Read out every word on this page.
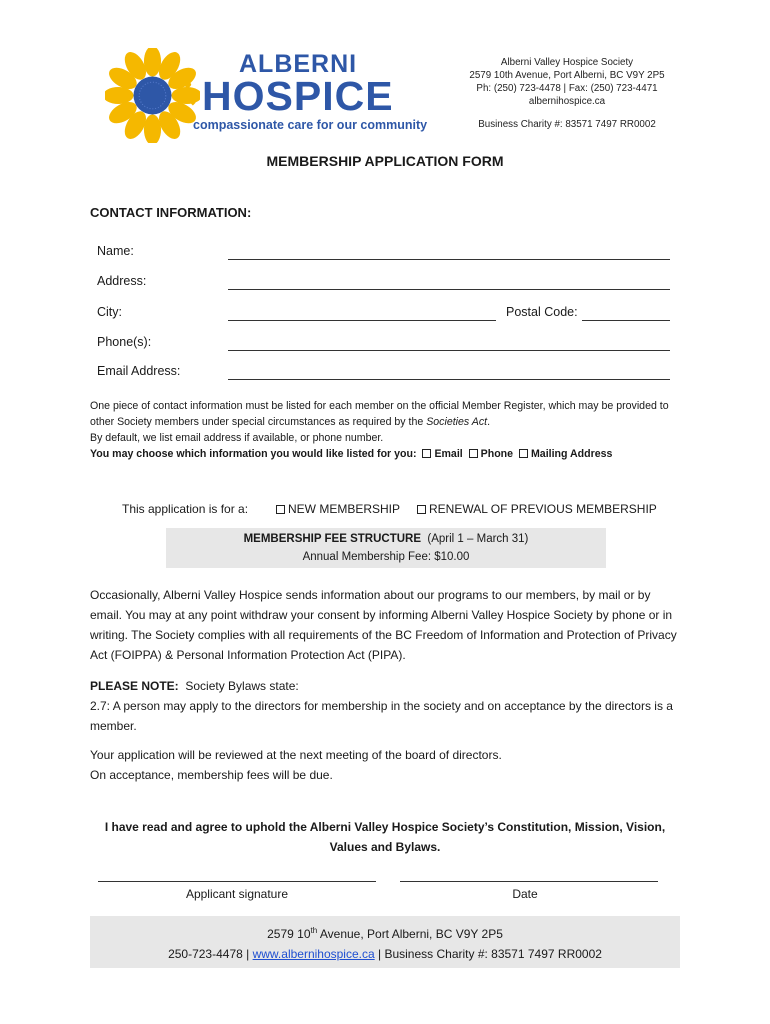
ALBERNI
HOSPICE
compassionate care for our community
Alberni Valley Hospice Society
2579 10th Avenue, Port Alberni, BC V9Y 2P5
Ph: (250) 723-4478 | Fax: (250) 723-4471
albernihospice.ca
Business Charity #: 83571 7497 RR0002
MEMBERSHIP APPLICATION FORM
CONTACT INFORMATION:
Name:
Address:
City:	Postal Code:
Phone(s):
Email Address:
One piece of contact information must be listed for each member on the official Member Register, which may be provided to other Society members under special circumstances as required by the Societies Act.
By default, we list email address if available, or phone number.
You may choose which information you would like listed for you: Email Phone Mailing Address
This application is for a:	NEW MEMBERSHIP	RENEWAL OF PREVIOUS MEMBERSHIP
MEMBERSHIP FEE STRUCTURE (April 1 – March 31)
Annual Membership Fee: $10.00
Occasionally, Alberni Valley Hospice sends information about our programs to our members, by mail or by email. You may at any point withdraw your consent by informing Alberni Valley Hospice Society by phone or in writing. The Society complies with all requirements of the BC Freedom of Information and Protection of Privacy Act (FOIPPA) & Personal Information Protection Act (PIPA).
PLEASE NOTE: Society Bylaws state:
2.7: A person may apply to the directors for membership in the society and on acceptance by the directors is a member.
Your application will be reviewed at the next meeting of the board of directors.
On acceptance, membership fees will be due.
I have read and agree to uphold the Alberni Valley Hospice Society’s Constitution, Mission, Vision, Values and Bylaws.
Applicant signature	Date
2579 10th Avenue, Port Alberni, BC V9Y 2P5
250-723-4478 | www.albernihospice.ca | Business Charity #: 83571 7497 RR0002
